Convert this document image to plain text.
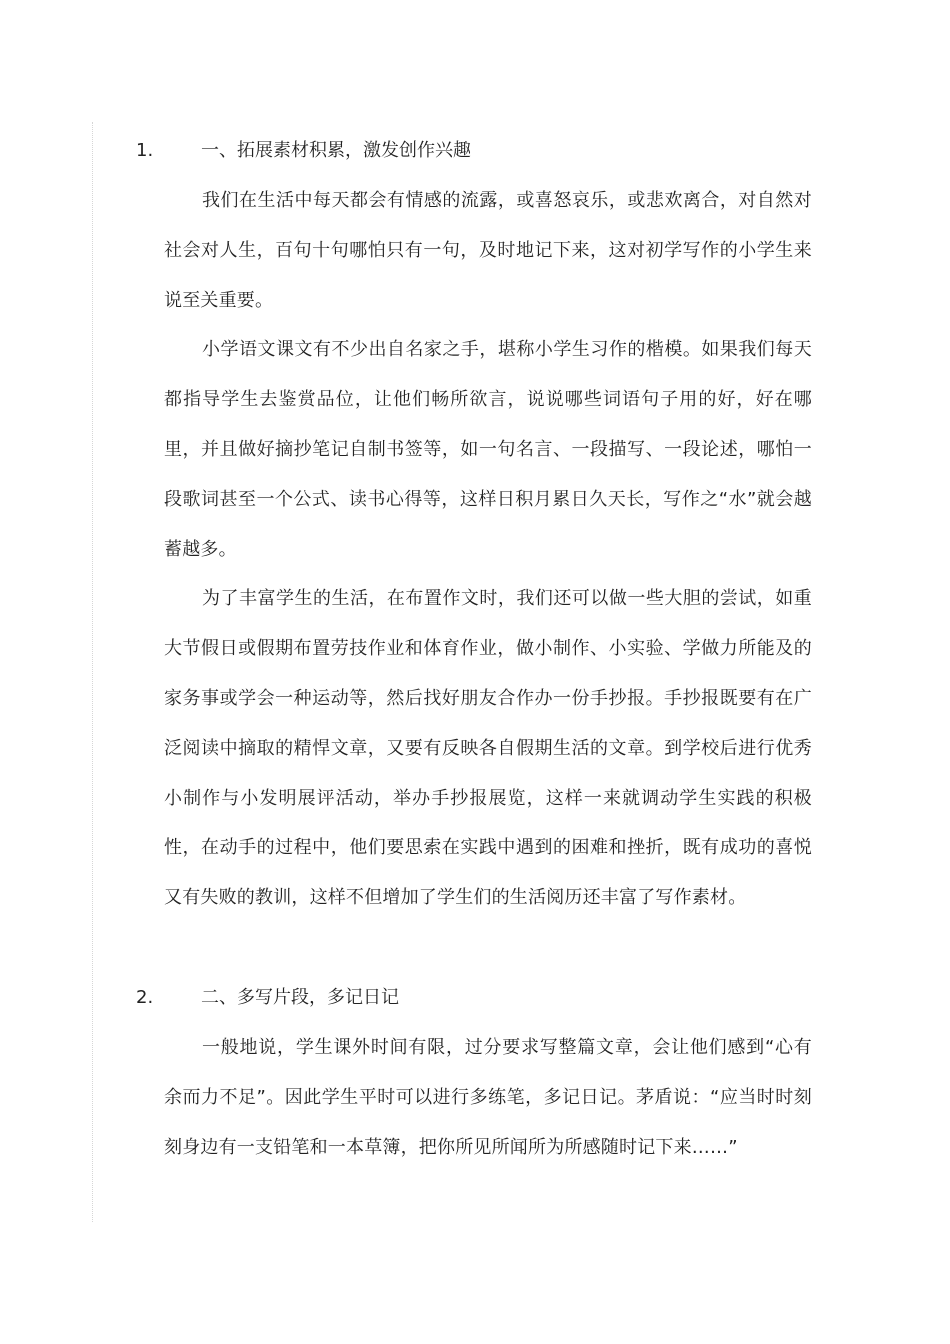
1.	一、拓展素材积累，激发创作兴趣

我们在生活中每天都会有情感的流露，或喜怒哀乐，或悲欢离合，对自然对社会对人生，百句十句哪怕只有一句，及时地记下来，这对初学写作的小学生来说至关重要。

小学语文课文有不少出自名家之手，堪称小学生习作的楷模。如果我们每天都指导学生去鉴赏品位，让他们畅所欲言，说说哪些词语句子用的好，好在哪里，并且做好摘抄笔记自制书签等，如一句名言、一段描写、一段论述，哪怕一段歌词甚至一个公式、读书心得等，这样日积月累日久天长，写作之“水”就会越蓄越多。

为了丰富学生的生活，在布置作文时，我们还可以做一些大胆的尝试，如重大节假日或假期布置劳技作业和体育作业，做小制作、小实验、学做力所能及的家务事或学会一种运动等，然后找好朋友合作办一份手抄报。手抄报既要有在广泛阅读中摘取的精悍文章，又要有反映各自假期生活的文章。到学校后进行优秀小制作与小发明展评活动，举办手抄报展览，这样一来就调动学生实践的积极性，在动手的过程中，他们要思索在实践中遇到的困难和挫折，既有成功的喜悦又有失败的教训，这样不但增加了学生们的生活阅历还丰富了写作素材。

2.	二、多写片段，多记日记

一般地说，学生课外时间有限，过分要求写整篇文章，会让他们感到“心有余而力不足”。因此学生平时可以进行多练笔，多记日记。茅盾说：“应当时时刻刻身边有一支铅笔和一本草簿，把你所见所闻所为所感随时记下来……”
